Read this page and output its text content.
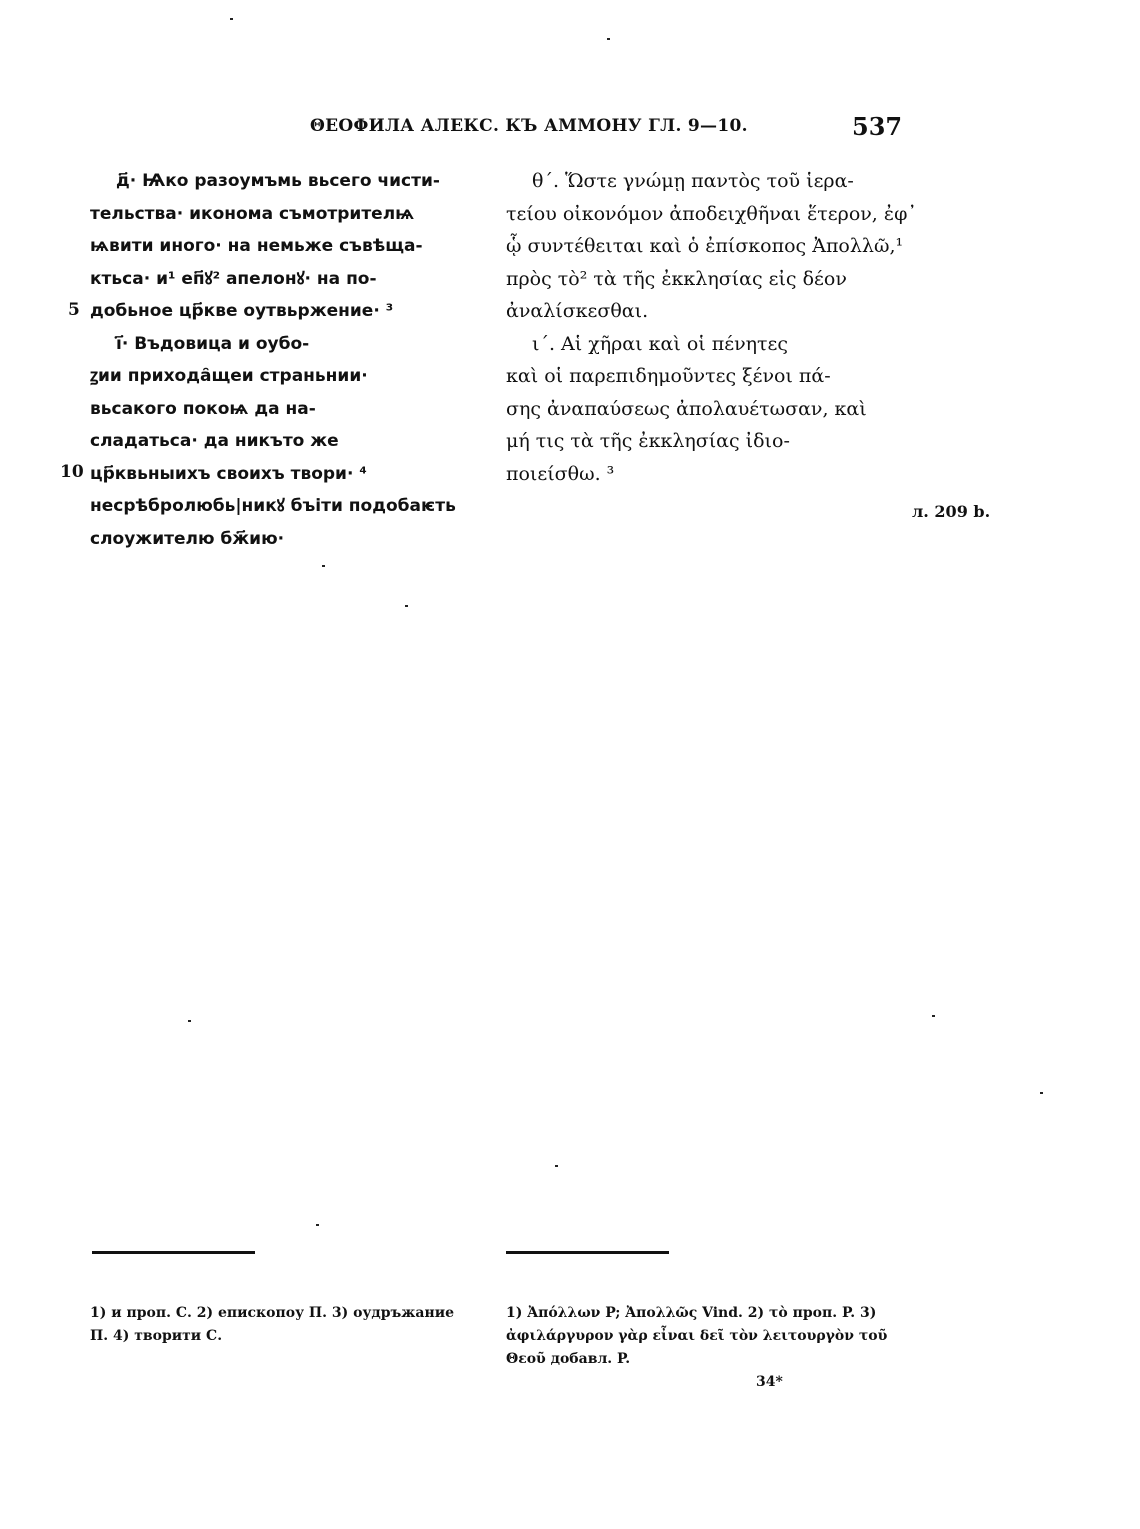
ΘΕΟΦИЛА АЛЕКС. КЪ АММОНУ ГЛ. 9—10.	537
5
10
д҃· Ѩко разоумъмь вьсего чисти-
тельства· иконома съмотрителѩ
ѩвити иного· на немьже съвѣща-
ктьса· и¹ еп҃ꙋ² апелонꙋ· на по-
добьное цр҃кве оутвьржение· ³
і҃· Въдовица и оубо-
ꙁии прихода̑щеи страньнии·
вьсакого покоѩ да на-
сладатьса· да никъто же
цр҃квьныихъ своихъ твори· ⁴
несрѣбролюбь|никꙋ бъіти подобаѥть
слоужителю бж҃ию·
θ΄. Ὥστε γνώμῃ παντὸς τοῦ ἱερα-
τείου οἰκονόμον ἀποδειχθῆναι ἕτερον, ἐφ᾽
ᾧ συντέθειται καὶ ὁ ἐπίσκοπος Ἀπολλῶ,¹
πρὸς τὸ² τὰ τῆς ἐκκλησίας εἰς δέον
ἀναλίσκεσθαι.
ι΄. Αἱ χῆραι καὶ οἱ πένητες
καὶ οἱ παρεπιδημοῦντες ξένοι πά-
σης ἀναπαύσεως ἀπολαυέτωσαν, καὶ
μή τις τὰ τῆς ἐκκλησίας ἰδιο-
ποιείσθω. ³
л. 209 b.
1) и проп. С. 2) епископоу П. 3) оудръжание П. 4) творити С.
1) Ἀπόλλων P; Ἀπολλῶς Vind. 2) τὸ проп. P. 3) ἀφιλάργυρον γὰρ εἶναι δεῖ τὸν λειτουργὸν τοῦ Θεοῦ добавл. P.
34*
